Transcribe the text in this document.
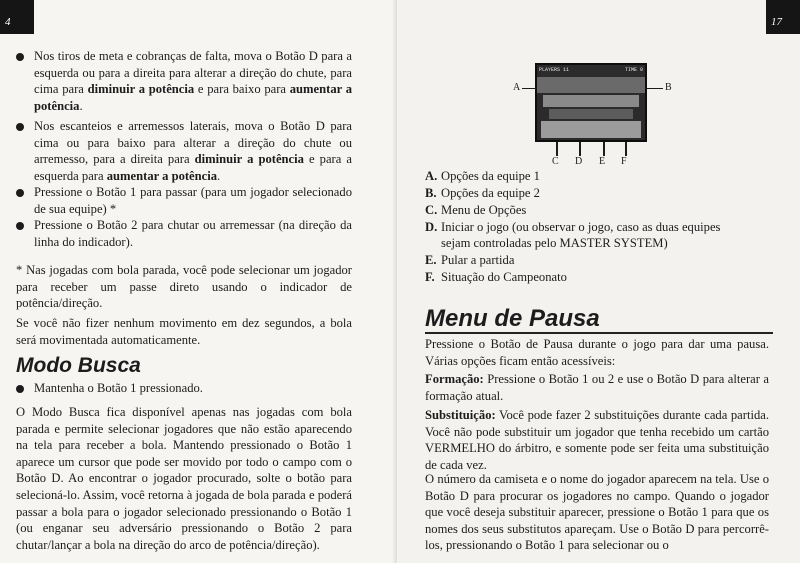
4

Nos tiros de meta e cobranças de falta, mova o Botão D para a esquerda ou para a direita para alterar a direção do chute, para cima para diminuir a potência e para baixo para aumentar a potência.

Nos escanteios e arremessos laterais, mova o Botão D para cima ou para baixo para alterar a direção do chute ou arremesso, para a direita para diminuir a potência e para a esquerda para aumentar a potência.

Pressione o Botão 1 para passar (para um jogador selecionado de sua equipe) *

Pressione o Botão 2 para chutar ou arremessar (na direção da linha do indicador).

* Nas jogadas com bola parada, você pode selecionar um jogador para receber um passe direto usando o indicador de potência/direção.

Se você não fizer nenhum movimento em dez segundos, a bola será movimentada automaticamente.

Modo Busca

Mantenha o Botão 1 pressionado.

O Modo Busca fica disponível apenas nas jogadas com bola parada e permite selecionar jogadores que não estão aparecendo na tela para receber a bola. Mantendo pressionado o Botão 1 aparece um cursor que pode ser movido por todo o campo com o Botão D. Ao encontrar o jogador procurado, solte o botão para selecioná-lo. Assim, você retorna à jogada de bola parada e poderá passar a bola para o jogador selecionado pressionando o Botão 1 (ou enganar seu adversário pressionando o Botão 2 para chutar/lançar a bola na direção do arco de potência/direção).

17
PLAYERS 11	TIME 0
A	B
C D E F
A. Opções da equipe 1
B. Opções da equipe 2
C. Menu de Opções
D. Iniciar o jogo (ou observar o jogo, caso as duas equipes
sejam controladas pelo MASTER SYSTEM)
E. Pular a partida
F. Situação do Campeonato
Menu de Pausa

Pressione o Botão de Pausa durante o jogo para dar uma pausa. Várias opções ficam então acessíveis:

Formação: Pressione o Botão 1 ou 2 e use o Botão D para alterar a formação atual.

Substituição: Você pode fazer 2 substituições durante cada partida. Você não pode substituir um jogador que tenha recebido um cartão VERMELHO do árbitro, e somente pode ser feita uma substituição de cada vez.

O número da camiseta e o nome do jogador aparecem na tela. Use o Botão D para procurar os jogadores no campo. Quando o jogador que você deseja substituir aparecer, pressione o Botão 1 para que os nomes dos seus substitutos apareçam. Use o Botão D para percorrê-los, pressionando o Botão 1 para selecionar ou o
